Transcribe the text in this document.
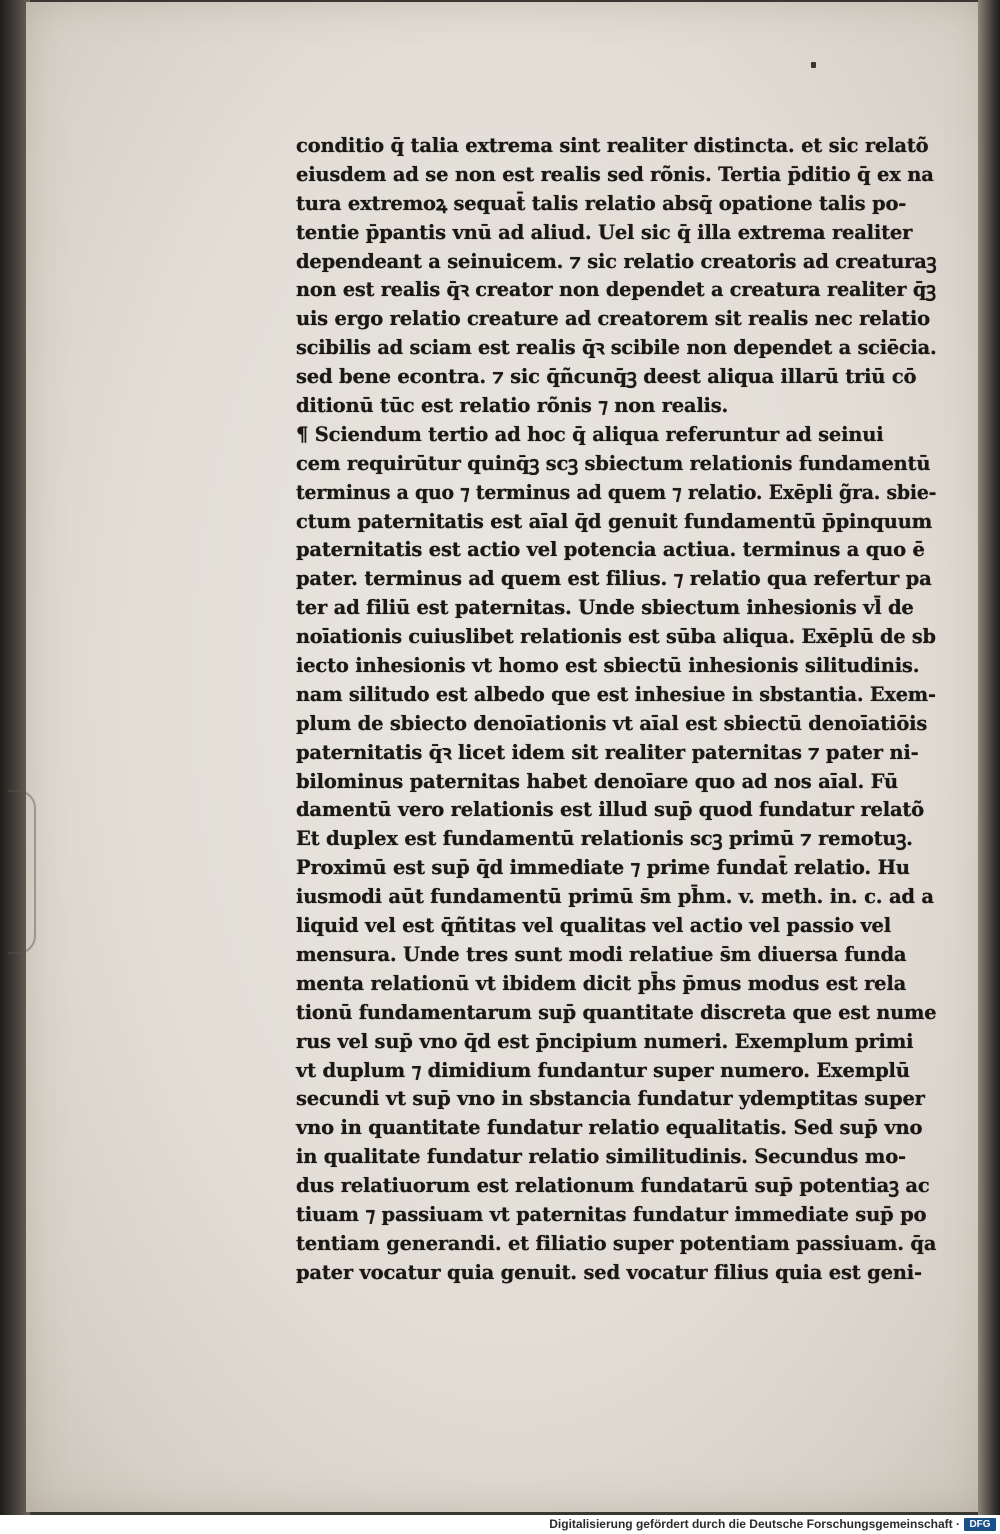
conditio q̄ talia extrema sint realiter distincta. et sic relatõ
eiusdem ad se non est realis sed rõnis. Tertia p̄ditio q̄ ex na
tura extremoꝝ sequat̄ talis relatio absq̄ opatione talis po-
tentie p̄pantis vnū ad aliud. Uel sic q̄ illa extrema realiter
dependeant a seinuicem. ⁊ sic relatio creatoris ad creaturaꝫ
non est realis q̄ꝛ creator non dependet a creatura realiter q̄ꝫ
uis ergo relatio creature ad creatorem sit realis nec relatio
scibilis ad sciam est realis q̄ꝛ scibile non dependet a sciēcia.
sed bene econtra. ⁊ sic q̄ñcunq̄ꝫ deest aliqua illarū triū cō
ditionū tūc est relatio rõnis ⁊ non realis.
¶ Sciendum tertio ad hoc q̄ aliqua referuntur ad seinui
cem requirūtur quinq̄ꝫ scꝫ sbiectum relationis fundamentū
terminus a quo ⁊ terminus ad quem ⁊ relatio. Exēpli g̃ra. sbie-
ctum paternitatis est aīal q̄d genuit fundamentū p̄pinquum
paternitatis est actio vel potencia actiua. terminus a quo ē
pater. terminus ad quem est filius. ⁊ relatio qua refertur pa
ter ad filiū est paternitas. Unde sbiectum inhesionis vl̄ de
noīationis cuiuslibet relationis est sūba aliqua. Exēplū de sb
iecto inhesionis vt homo est sbiectū inhesionis silitudinis.
nam silitudo est albedo que est inhesiue in sbstantia. Exem-
plum de sbiecto denoīationis vt aīal est sbiectū denoīatiōis
paternitatis q̄ꝛ licet idem sit realiter paternitas ⁊ pater ni-
bilominus paternitas habet denoīare quo ad nos aīal. Fū
damentū vero relationis est illud sup̄ quod fundatur relatõ
Et duplex est fundamentū relationis scꝫ primū ⁊ remotuꝫ.
Proximū est sup̄ q̄d immediate ⁊ prime fundat̄ relatio. Hu
iusmodi aūt fundamentū primū s̄m ph̄m. v. meth. in. c. ad a
liquid vel est q̄ñtitas vel qualitas vel actio vel passio vel
mensura. Unde tres sunt modi relatiue s̄m diuersa funda
menta relationū vt ibidem dicit ph̄s p̄mus modus est rela
tionū fundamentarum sup̄ quantitate discreta que est nume
rus vel sup̄ vno q̄d est p̄ncipium numeri. Exemplum primi
vt duplum ⁊ dimidium fundantur super numero. Exemplū
secundi vt sup̄ vno in sbstancia fundatur ydemptitas super
vno in quantitate fundatur relatio equalitatis. Sed sup̄ vno
in qualitate fundatur relatio similitudinis. Secundus mo-
dus relatiuorum est relationum fundatarū sup̄ potentiaꝫ ac
tiuam ⁊ passiuam vt paternitas fundatur immediate sup̄ po
tentiam generandi. et filiatio super potentiam passiuam. q̄a
pater vocatur quia genuit. sed vocatur filius quia est geni-
Digitalisierung gefördert durch die Deutsche Forschungsgemeinschaft · DFG
